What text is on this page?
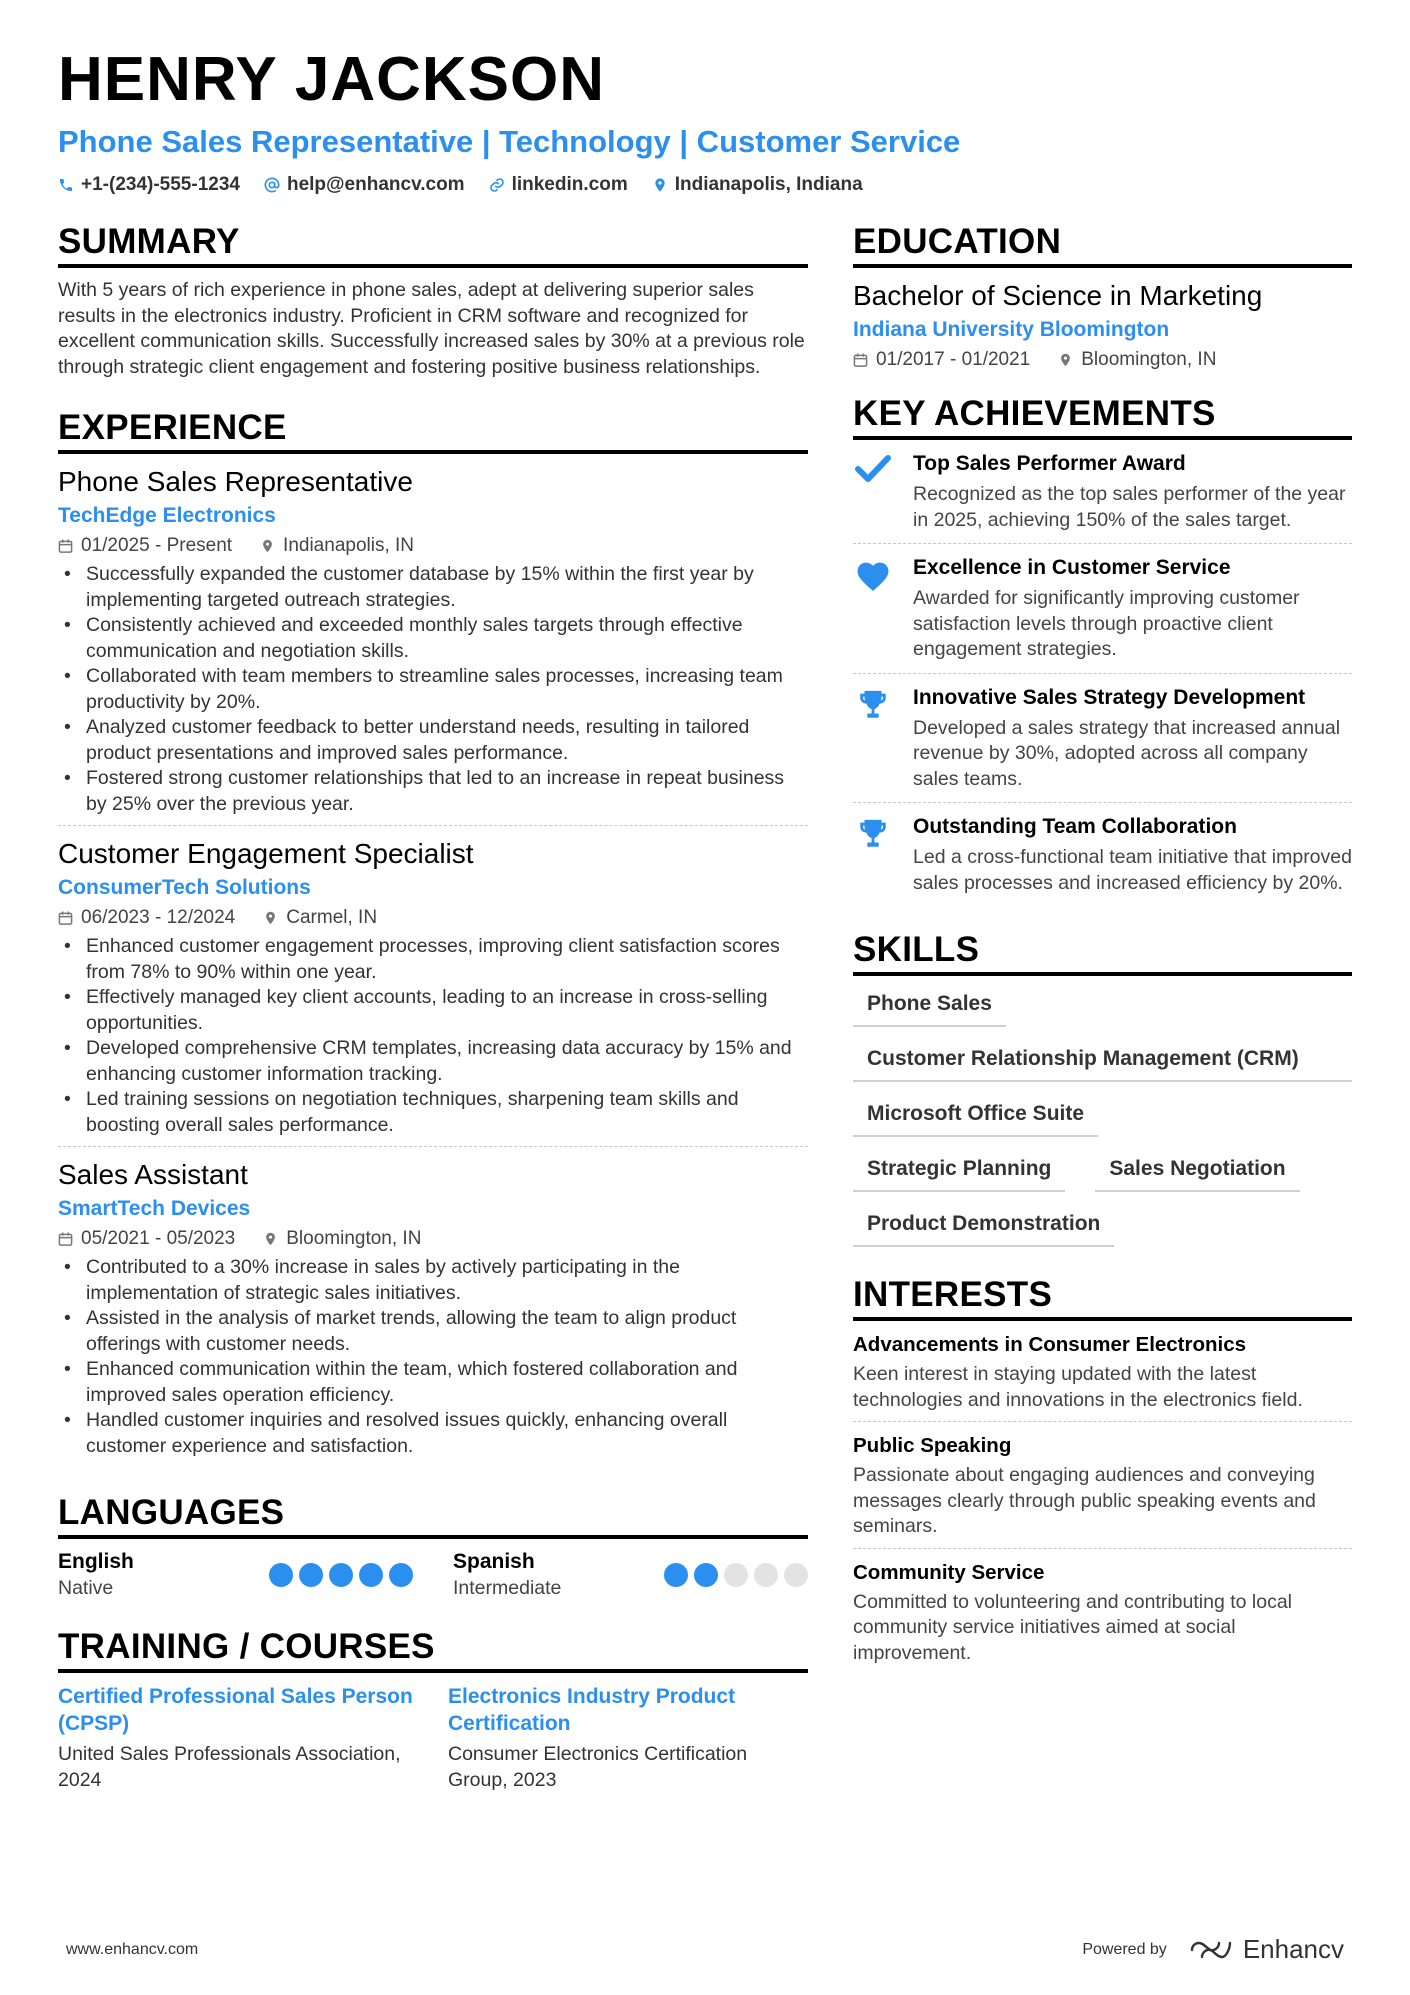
HENRY JACKSON
Phone Sales Representative | Technology | Customer Service
+1-(234)-555-1234 help@enhancv.com linkedin.com Indianapolis, Indiana
SUMMARY

With 5 years of rich experience in phone sales, adept at delivering superior sales results in the electronics industry. Proficient in CRM software and recognized for excellent communication skills. Successfully increased sales by 30% at a previous role through strategic client engagement and fostering positive business relationships.

EXPERIENCE
Phone Sales Representative
TechEdge Electronics
01/2025 - Present	Indianapolis, IN
• Successfully expanded the customer database by 15% within the first year by implementing targeted outreach strategies.
• Consistently achieved and exceeded monthly sales targets through effective communication and negotiation skills.
• Collaborated with team members to streamline sales processes, increasing team productivity by 20%.
• Analyzed customer feedback to better understand needs, resulting in tailored product presentations and improved sales performance.
• Fostered strong customer relationships that led to an increase in repeat business by 25% over the previous year.
Customer Engagement Specialist
ConsumerTech Solutions
06/2023 - 12/2024	Carmel, IN
• Enhanced customer engagement processes, improving client satisfaction scores from 78% to 90% within one year.
• Effectively managed key client accounts, leading to an increase in cross-selling opportunities.
• Developed comprehensive CRM templates, increasing data accuracy by 15% and enhancing customer information tracking.
• Led training sessions on negotiation techniques, sharpening team skills and boosting overall sales performance.
Sales Assistant
SmartTech Devices
05/2021 - 05/2023	Bloomington, IN
• Contributed to a 30% increase in sales by actively participating in the implementation of strategic sales initiatives.
• Assisted in the analysis of market trends, allowing the team to align product offerings with customer needs.
• Enhanced communication within the team, which fostered collaboration and improved sales operation efficiency.
• Handled customer inquiries and resolved issues quickly, enhancing overall customer experience and satisfaction.
LANGUAGES
English
Native
Spanish
Intermediate
TRAINING / COURSES
Certified Professional Sales Person (CPSP)
United Sales Professionals Association, 2024
Electronics Industry Product Certification
Consumer Electronics Certification Group, 2023
EDUCATION
Bachelor of Science in Marketing
Indiana University Bloomington
01/2017 - 01/2021	Bloomington, IN
KEY ACHIEVEMENTS
Top Sales Performer Award
Recognized as the top sales performer of the year in 2025, achieving 150% of the sales target.
Excellence in Customer Service
Awarded for significantly improving customer satisfaction levels through proactive client engagement strategies.
Innovative Sales Strategy Development
Developed a sales strategy that increased annual revenue by 30%, adopted across all company sales teams.
Outstanding Team Collaboration
Led a cross-functional team initiative that improved sales processes and increased efficiency by 20%.
SKILLS
Phone Sales
Customer Relationship Management (CRM)
Microsoft Office Suite
Strategic Planning	Sales Negotiation
Product Demonstration
INTERESTS
Advancements in Consumer Electronics
Keen interest in staying updated with the latest technologies and innovations in the electronics field.
Public Speaking
Passionate about engaging audiences and conveying messages clearly through public speaking events and seminars.
Community Service
Committed to volunteering and contributing to local community service initiatives aimed at social improvement.
www.enhancv.com	Powered by	Enhancv
